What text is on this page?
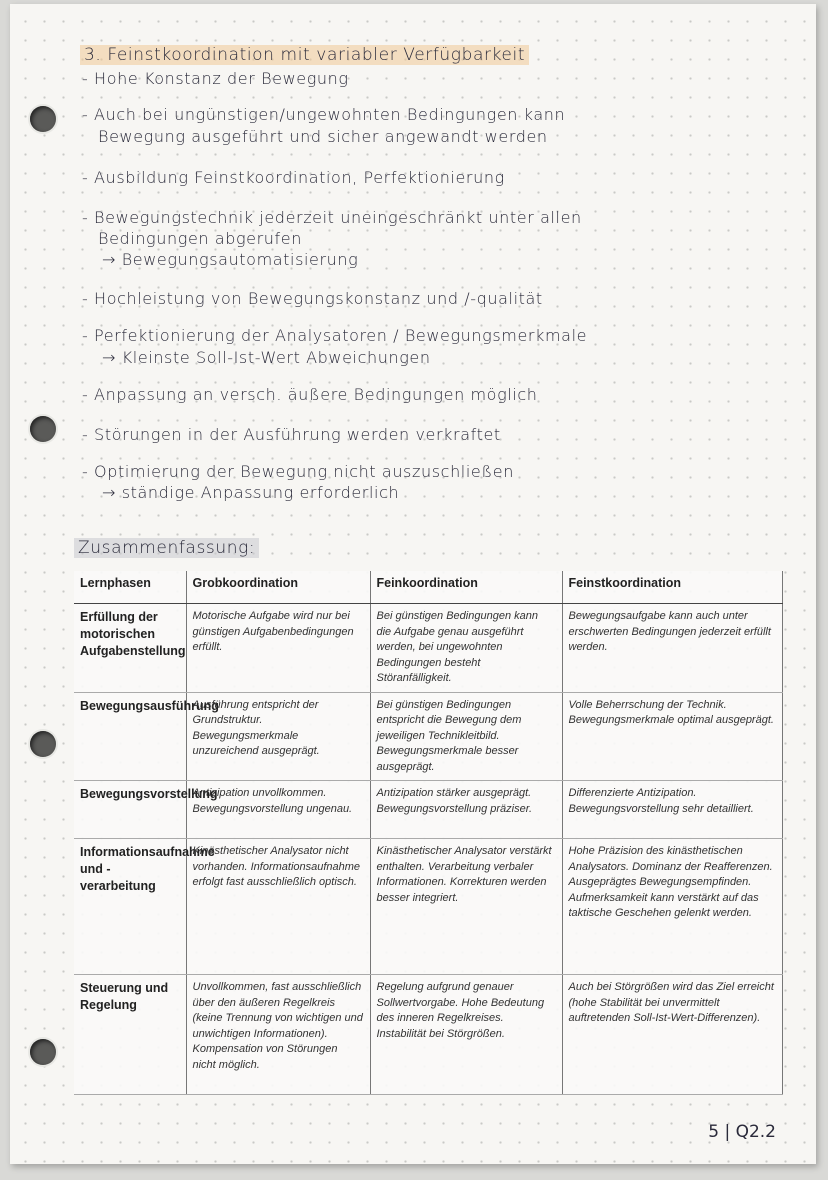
3. Feinstkoordination mit variabler Verfügbarkeit

- Hohe Konstanz der Bewegung

- Auch bei ungünstigen/ungewohnten Bedingungen kann

Bewegung ausgeführt und sicher angewandt werden

- Ausbildung Feinstkoordination, Perfektionierung

- Bewegungstechnik jederzeit uneingeschränkt unter allen

Bedingungen abgerufen

→ Bewegungsautomatisierung

- Hochleistung von Bewegungskonstanz und /-qualität

- Perfektionierung der Analysatoren / Bewegungsmerkmale

→ Kleinste Soll-Ist-Wert Abweichungen

- Anpassung an versch. äußere Bedingungen möglich

- Störungen in der Ausführung werden verkraftet

- Optimierung der Bewegung nicht auszuschließen

→ ständige Anpassung erforderlich

Zusammenfassung:

Lernphasen	Grobkoordination	Feinkoordination	Feinstkoordination
Erfüllung der motorischen Aufgabenstellung	Motorische Aufgabe wird nur bei günstigen Aufgabenbedingungen erfüllt.	Bei günstigen Bedingungen kann die Aufgabe genau ausgeführt werden, bei ungewohnten Bedingungen besteht Störanfälligkeit.	Bewegungsaufgabe kann auch unter erschwerten Bedingungen jederzeit erfüllt werden.
Bewegungsausführung	Ausführung entspricht der Grundstruktur. Bewegungsmerkmale unzureichend ausgeprägt.	Bei günstigen Bedingungen entspricht die Bewegung dem jeweiligen Technikleitbild. Bewegungsmerkmale besser ausgeprägt.	Volle Beherrschung der Technik. Bewegungsmerkmale optimal ausgeprägt.
Bewegungsvorstellung	Antizipation unvollkommen. Bewegungsvorstellung ungenau.	Antizipation stärker ausgeprägt. Bewegungsvorstellung präziser.	Differenzierte Antizipation. Bewegungsvorstellung sehr detailliert.
Informationsaufnahme und -verarbeitung	Kinästhetischer Analysator nicht vorhanden. Informationsaufnahme erfolgt fast ausschließlich optisch.	Kinästhetischer Analysator verstärkt enthalten. Verarbeitung verbaler Informationen. Korrekturen werden besser integriert.	Hohe Präzision des kinästhetischen Analysators. Dominanz der Reafferenzen. Ausgeprägtes Bewegungsempfinden. Aufmerksamkeit kann verstärkt auf das taktische Geschehen gelenkt werden.
Steuerung und Regelung	Unvollkommen, fast ausschließlich über den äußeren Regelkreis (keine Trennung von wichtigen und unwichtigen Informationen). Kompensation von Störungen nicht möglich.	Regelung aufgrund genauer Sollwertvorgabe. Hohe Bedeutung des inneren Regelkreises. Instabilität bei Störgrößen.	Auch bei Störgrößen wird das Ziel erreicht (hohe Stabilität bei unvermittelt auftretenden Soll-Ist-Wert-Differenzen).
5 | Q2.2
